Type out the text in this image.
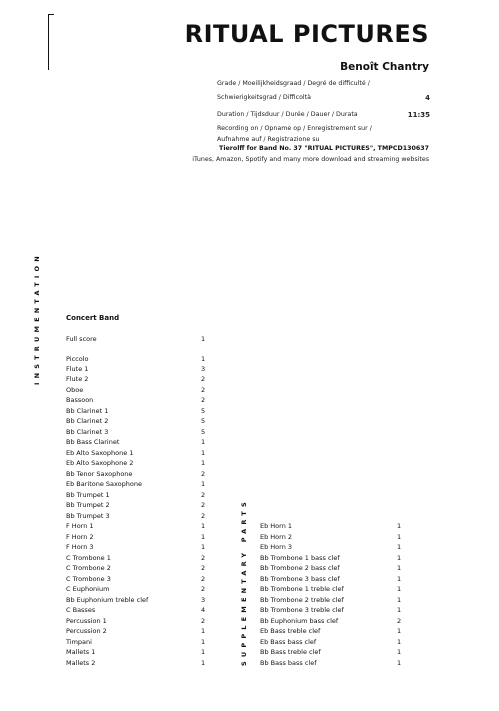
RITUAL PICTURES
Benoît Chantry
Grade / Moeilijkheidsgraad / Degré de difficulté /
Schwierigkeitsgrad / Difficoltà	4
Duration / Tijdsduur / Durée / Dauer / Durata	11:35
Recording on / Opname op / Enregistrement sur /
Aufnahme auf / Registrazione su
Tierolff for Band No. 37 "RITUAL PICTURES", TMPCD130637
iTunes, Amazon, Spotify and many more download and streaming websites
INSTRUMENTATION
SUPPLEMENTARY PARTS
Concert Band
Full score	1
Piccolo	1
Flute 1	3
Flute 2	2
Oboe	2
Bassoon	2
Bb Clarinet 1	5
Bb Clarinet 2	5
Bb Clarinet 3	5
Bb Bass Clarinet	1
Eb Alto Saxophone 1	1
Eb Alto Saxophone 2	1
Bb Tenor Saxophone	2
Eb Baritone Saxophone	1
Bb Trumpet 1	2
Bb Trumpet 2	2
Bb Trumpet 3	2
F Horn 1	1
F Horn 2	1
F Horn 3	1
C Trombone 1	2
C Trombone 2	2
C Trombone 3	2
C Euphonium	2
Bb Euphonium treble clef	3
C Basses	4
Percussion 1	2
Percussion 2	1
Timpani	1
Mallets 1	1
Mallets 2	1
Eb Horn 1	1
Eb Horn 2	1
Eb Horn 3	1
Bb Trombone 1 bass clef	1
Bb Trombone 2 bass clef	1
Bb Trombone 3 bass clef	1
Bb Trombone 1 treble clef	1
Bb Trombone 2 treble clef	1
Bb Trombone 3 treble clef	1
Bb Euphonium bass clef	2
Eb Bass treble clef	1
Eb Bass bass clef	1
Bb Bass treble clef	1
Bb Bass bass clef	1
